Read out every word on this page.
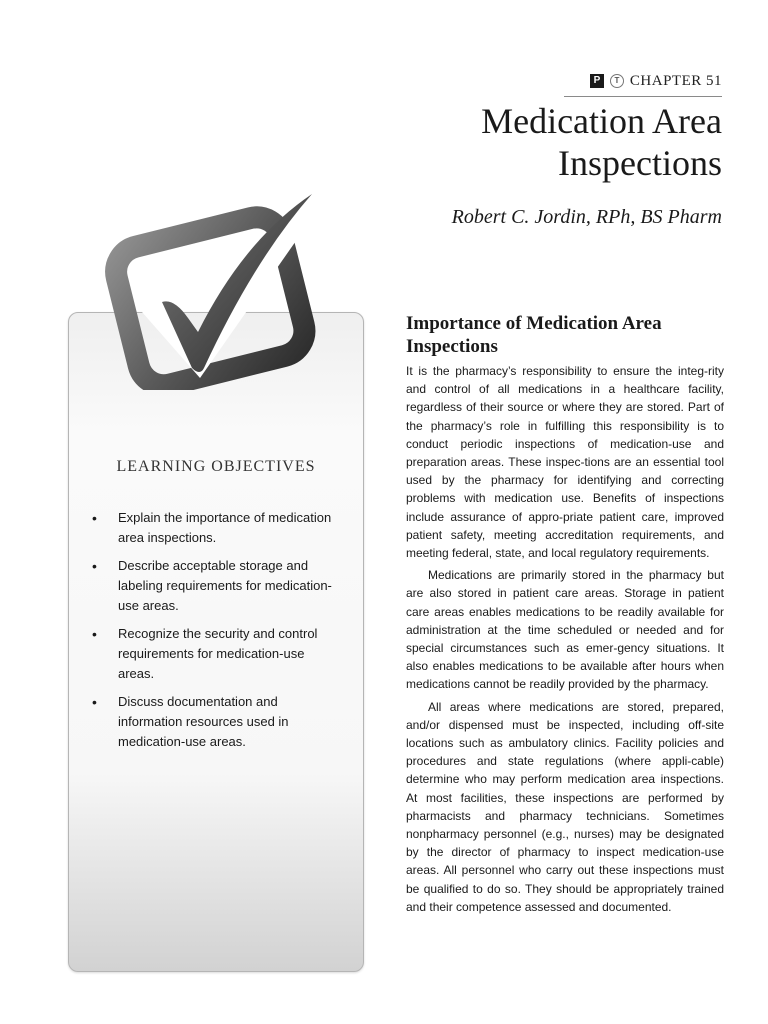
P	T CHAPTER 51
Medication Area
Inspections
Robert C. Jordin, RPh, BS Pharm
LEARNING OBJECTIVES
• Explain the importance of medication area inspections.
• Describe acceptable storage and labeling requirements for medication-use areas.
• Recognize the security and control requirements for medication-use areas.
• Discuss documentation and information resources used in medication-use areas.
Importance of Medication Area Inspections

It is the pharmacy’s responsibility to ensure the integ-rity and control of all medications in a healthcare facility, regardless of their source or where they are stored. Part of the pharmacy’s role in fulfilling this responsibility is to conduct periodic inspections of medication-use and preparation areas. These inspec-tions are an essential tool used by the pharmacy for identifying and correcting problems with medication use. Benefits of inspections include assurance of appro-priate patient care, improved patient safety, meeting accreditation requirements, and meeting federal, state, and local regulatory requirements.

Medications are primarily stored in the pharmacy but are also stored in patient care areas. Storage in patient care areas enables medications to be readily available for administration at the time scheduled or needed and for special circumstances such as emer-gency situations. It also enables medications to be available after hours when medications cannot be readily provided by the pharmacy.

All areas where medications are stored, prepared, and/or dispensed must be inspected, including off-site locations such as ambulatory clinics. Facility policies and procedures and state regulations (where appli-cable) determine who may perform medication area inspections. At most facilities, these inspections are performed by pharmacists and pharmacy technicians. Sometimes nonpharmacy personnel (e.g., nurses) may be designated by the director of pharmacy to inspect medication-use areas. All personnel who carry out these inspections must be qualified to do so. They should be appropriately trained and their competence assessed and documented.
